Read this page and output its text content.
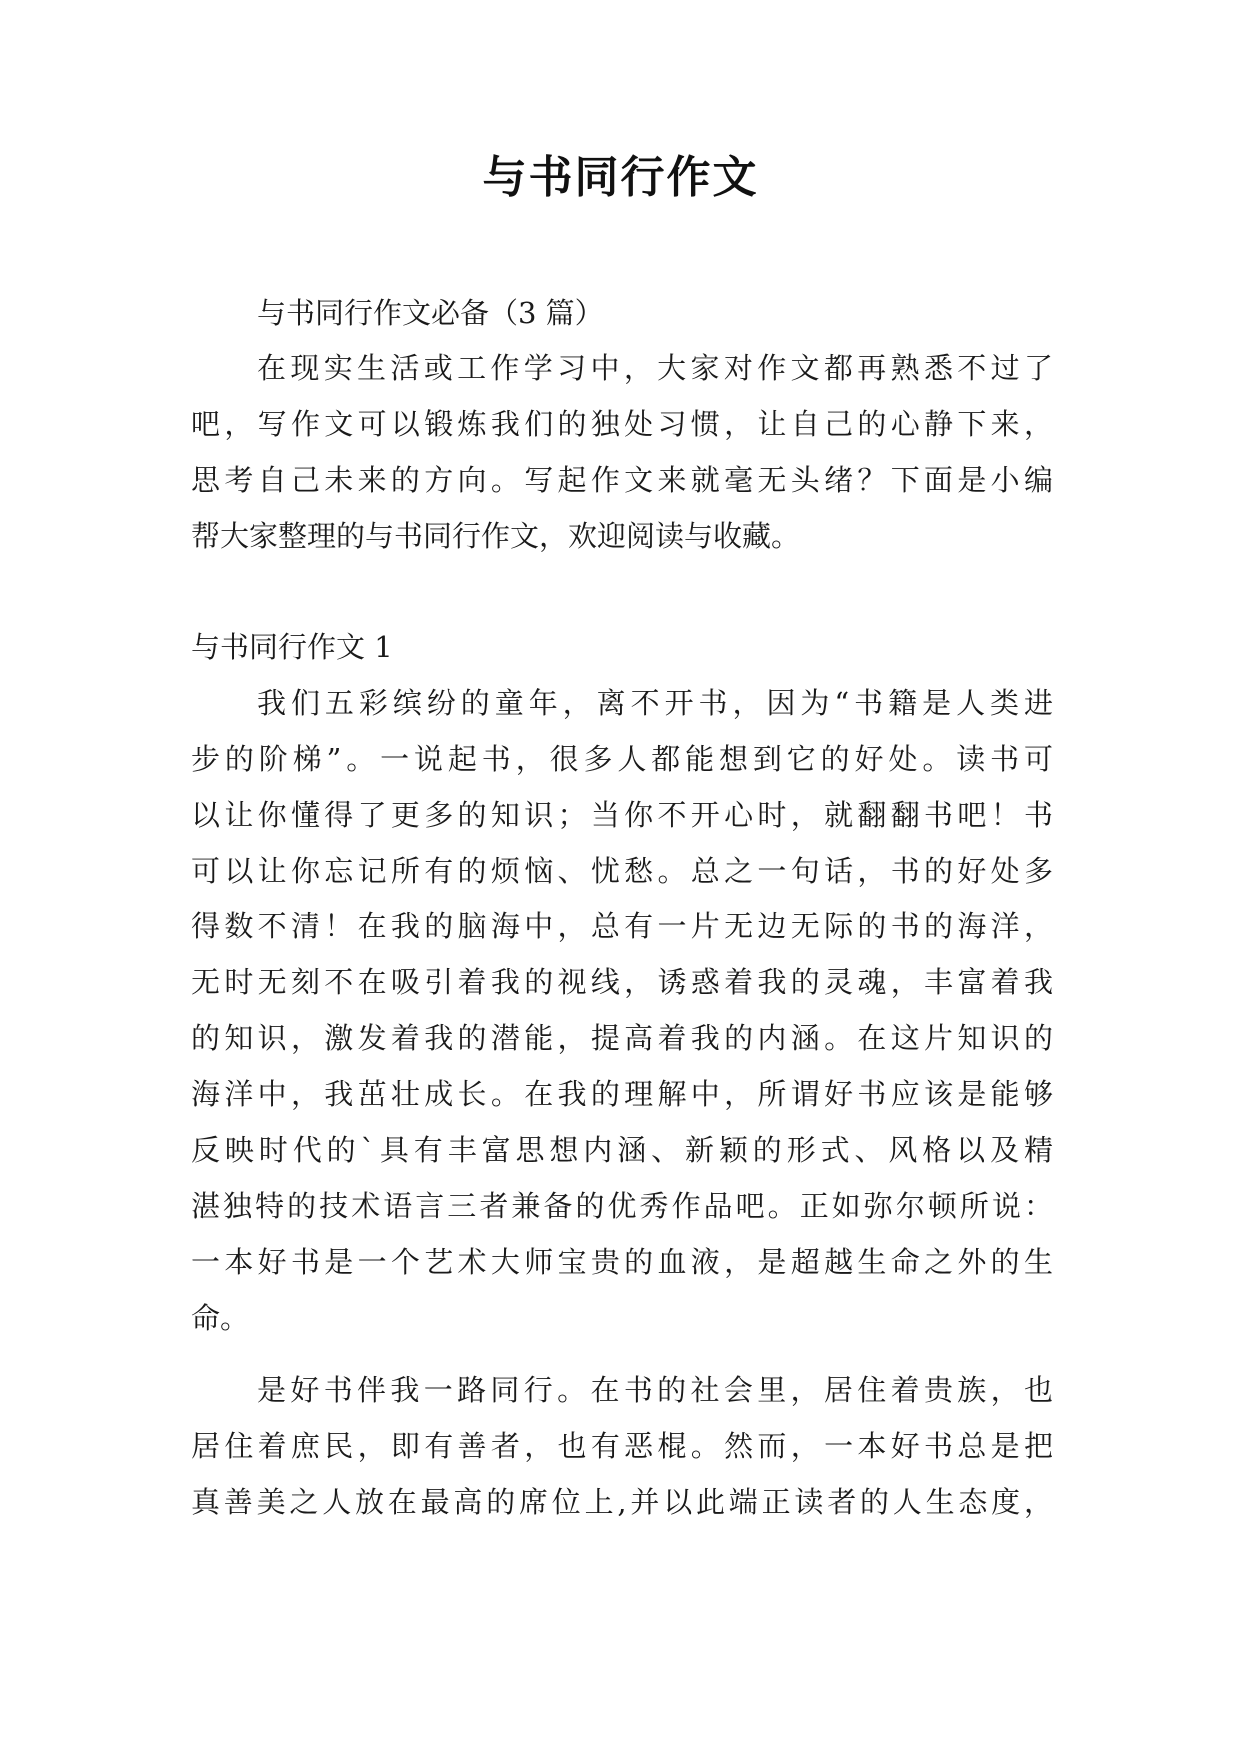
与书同行作文
与书同行作文必备（3 篇）
在现实生活或工作学习中，大家对作文都再熟悉不过了
吧，写作文可以锻炼我们的独处习惯，让自己的心静下来，
思考自己未来的方向。写起作文来就毫无头绪？下面是小编
帮大家整理的与书同行作文，欢迎阅读与收藏。
与书同行作文 1
我们五彩缤纷的童年，离不开书，因为“书籍是人类进
步的阶梯”。一说起书，很多人都能想到它的好处。读书可
以让你懂得了更多的知识；当你不开心时，就翻翻书吧！书
可以让你忘记所有的烦恼、忧愁。总之一句话，书的好处多
得数不清！在我的脑海中，总有一片无边无际的书的海洋，
无时无刻不在吸引着我的视线，诱惑着我的灵魂，丰富着我
的知识，激发着我的潜能，提高着我的内涵。在这片知识的
海洋中，我茁壮成长。在我的理解中，所谓好书应该是能够
反映时代的`具有丰富思想内涵、新颖的形式、风格以及精
湛独特的技术语言三者兼备的优秀作品吧。正如弥尔顿所说：
一本好书是一个艺术大师宝贵的血液，是超越生命之外的生
命。
是好书伴我一路同行。在书的社会里，居住着贵族，也
居住着庶民，即有善者，也有恶棍。然而，一本好书总是把
真善美之人放在最高的席位上,并以此端正读者的人生态度，
